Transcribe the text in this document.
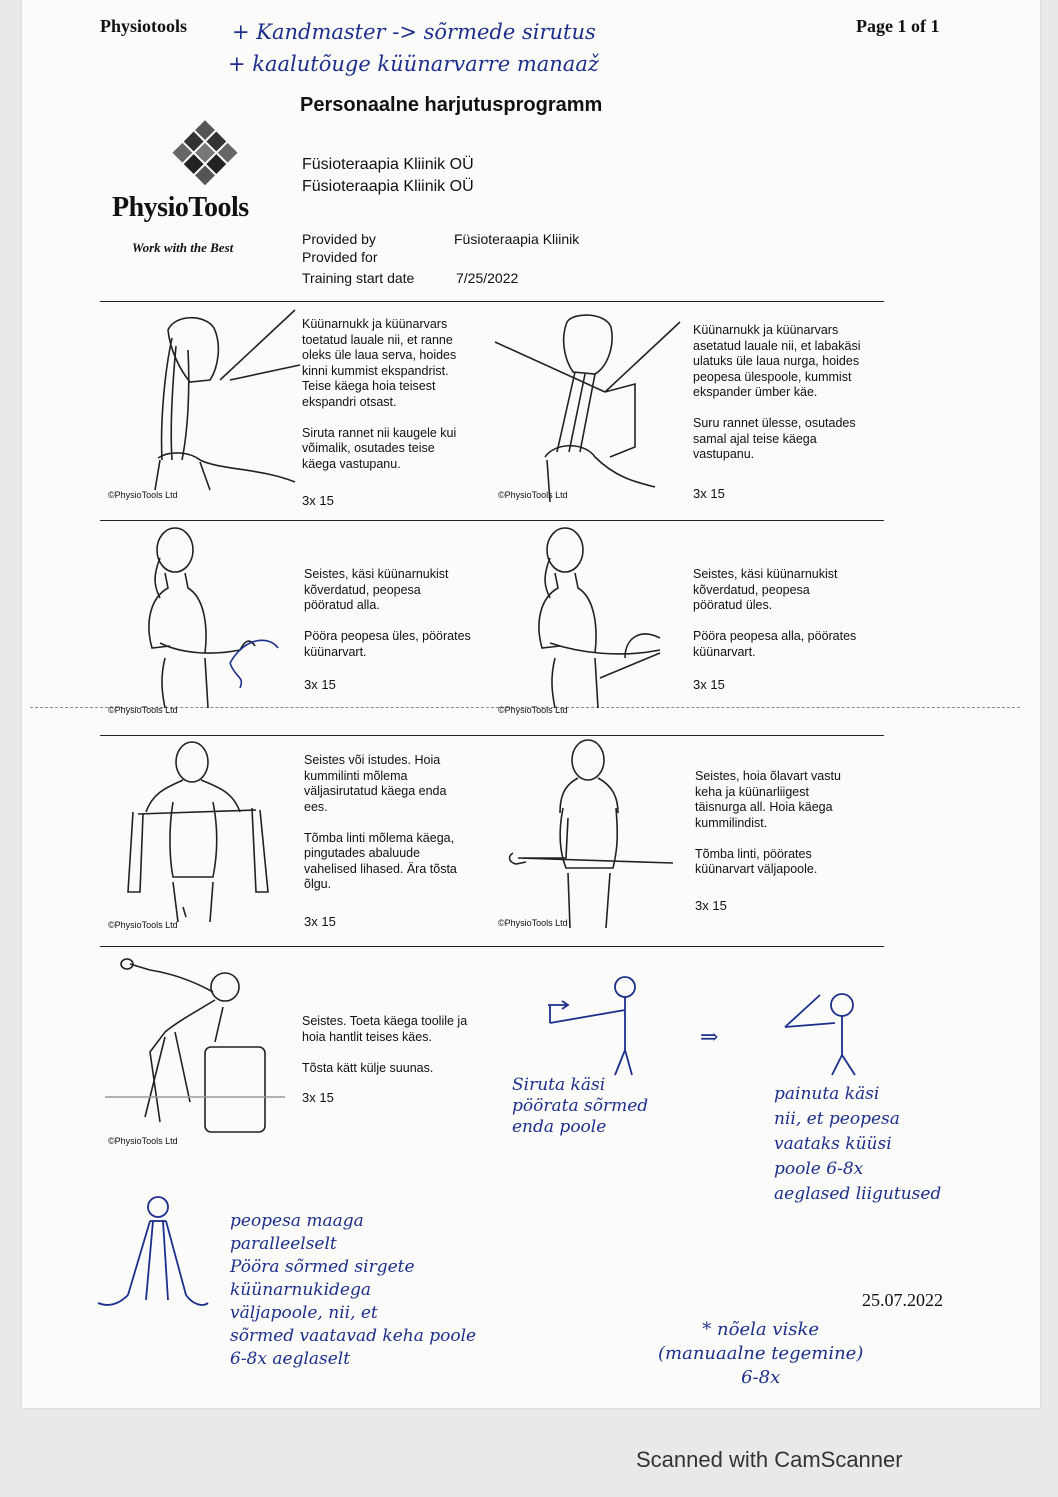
Physiotools	Page 1 of 1
+ Kandmaster -> sõrmede sirutus
+ kaalutõuge küünarvarre manaaž
PhysioTools
Work with the Best
Personaalne harjutusprogramm
Füsioteraapia Kliinik OÜ
Füsioteraapia Kliinik OÜ
Provided by	Füsioteraapia Kliinik
Provided for
Training start date	7/25/2022
©PhysioTools Ltd
Küünarnukk ja küünarvars
toetatud lauale nii, et ranne
oleks üle laua serva, hoides
kinni kummist ekspandrist.
Teise käega hoia teisest
ekspandri otsast.

Siruta rannet nii kaugele kui
võimalik, osutades teise
käega vastupanu.
3x 15	©PhysioTools Ltd
Küünarnukk ja küünarvars
asetatud lauale nii, et labakäsi
ulatuks üle laua nurga, hoides
peopesa ülespoole, kummist
ekspander ümber käe.

Suru rannet ülesse, osutades
samal ajal teise käega
vastupanu.
3x 15
©PhysioTools Ltd
Seistes, käsi küünarnukist
kõverdatud, peopesa
pööratud alla.

Pööra peopesa üles, pöörates
küünarvart.
3x 15
©PhysioTools Ltd
Seistes, käsi küünarnukist
kõverdatud, peopesa
pööratud üles.

Pööra peopesa alla, pöörates
küünarvart.
3x 15
©PhysioTools Ltd
Seistes või istudes. Hoia
kummilinti mõlema
väljasirutatud käega enda
ees.

Tõmba linti mõlema käega,
pingutades abaluude
vahelised lihased. Ära tõsta
õlgu.
3x 15	©PhysioTools Ltd
Seistes, hoia õlavart vastu
keha ja küünarliigest
täisnurga all. Hoia käega
kummilindist.

Tõmba linti, pöörates
küünarvart väljapoole.
3x 15
©PhysioTools Ltd
Seistes. Toeta käega toolile ja
hoia hantlit teises käes.

Tõsta kätt külje suunas.
3x 15
⇒
Siruta käsi
pöörata sõrmed
enda poole
painuta käsi
nii, et peopesa
vaataks küüsi
poole 6-8x
aeglased liigutused
peopesa maaga
paralleelselt
Pööra sõrmed sirgete
küünarnukidega
väljapoole, nii, et
sõrmed vaatavad keha poole
6-8x aeglaselt
25.07.2022
* nõela viske
(manuaalne tegemine)
6-8x
Scanned with CamScanner
